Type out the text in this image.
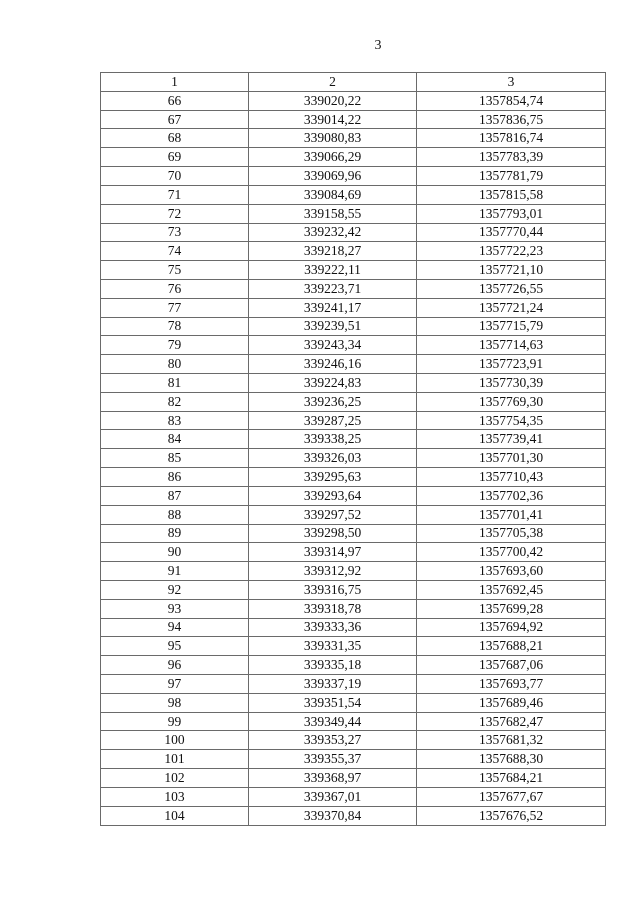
3
1	2	3
66	339020,22	1357854,74
67	339014,22	1357836,75
68	339080,83	1357816,74
69	339066,29	1357783,39
70	339069,96	1357781,79
71	339084,69	1357815,58
72	339158,55	1357793,01
73	339232,42	1357770,44
74	339218,27	1357722,23
75	339222,11	1357721,10
76	339223,71	1357726,55
77	339241,17	1357721,24
78	339239,51	1357715,79
79	339243,34	1357714,63
80	339246,16	1357723,91
81	339224,83	1357730,39
82	339236,25	1357769,30
83	339287,25	1357754,35
84	339338,25	1357739,41
85	339326,03	1357701,30
86	339295,63	1357710,43
87	339293,64	1357702,36
88	339297,52	1357701,41
89	339298,50	1357705,38
90	339314,97	1357700,42
91	339312,92	1357693,60
92	339316,75	1357692,45
93	339318,78	1357699,28
94	339333,36	1357694,92
95	339331,35	1357688,21
96	339335,18	1357687,06
97	339337,19	1357693,77
98	339351,54	1357689,46
99	339349,44	1357682,47
100	339353,27	1357681,32
101	339355,37	1357688,30
102	339368,97	1357684,21
103	339367,01	1357677,67
104	339370,84	1357676,52
